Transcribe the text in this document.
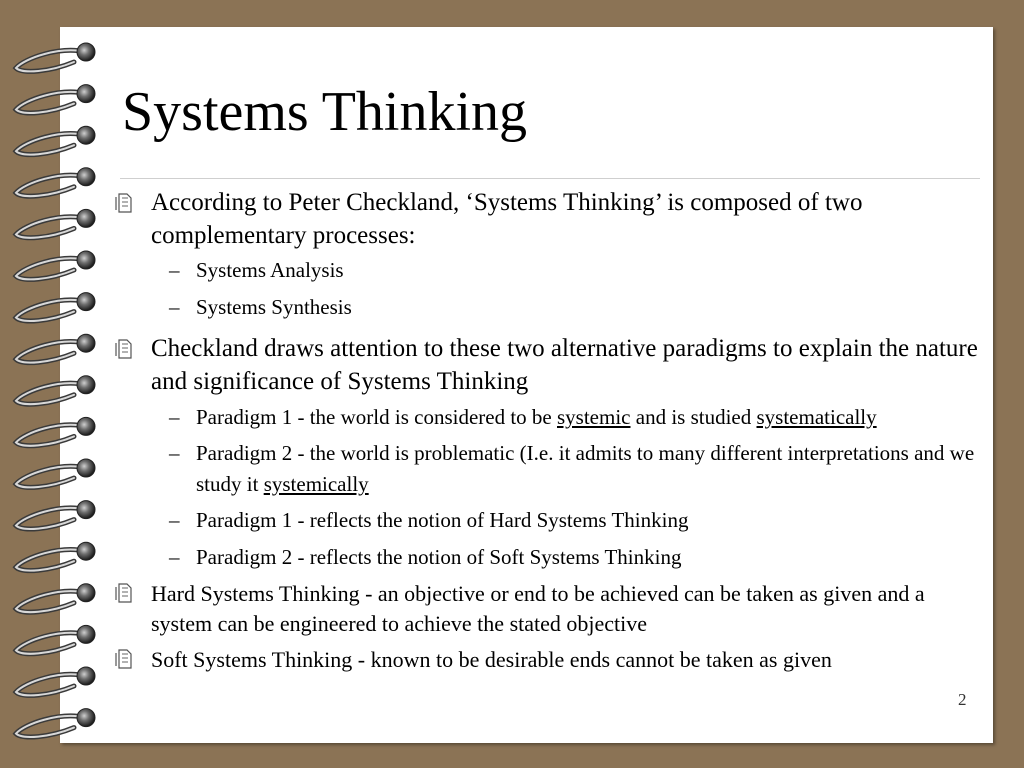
Systems Thinking
According to Peter Checkland, ‘Systems Thinking’ is composed of two complementary processes:
– Systems Analysis
– Systems Synthesis
Checkland draws attention to these two alternative paradigms to explain the nature and significance of Systems Thinking
– Paradigm 1 - the world is considered to be systemic and is studied systematically
– Paradigm 2 - the world is problematic (I.e. it admits to many different interpretations and we study it systemically
– Paradigm 1 - reflects the notion of Hard Systems Thinking
– Paradigm 2 - reflects the notion of Soft Systems Thinking
Hard Systems Thinking - an objective or end to be achieved can be taken as given and a system can be engineered to achieve the stated objective
Soft Systems Thinking - known to be desirable ends cannot be taken as given
2
